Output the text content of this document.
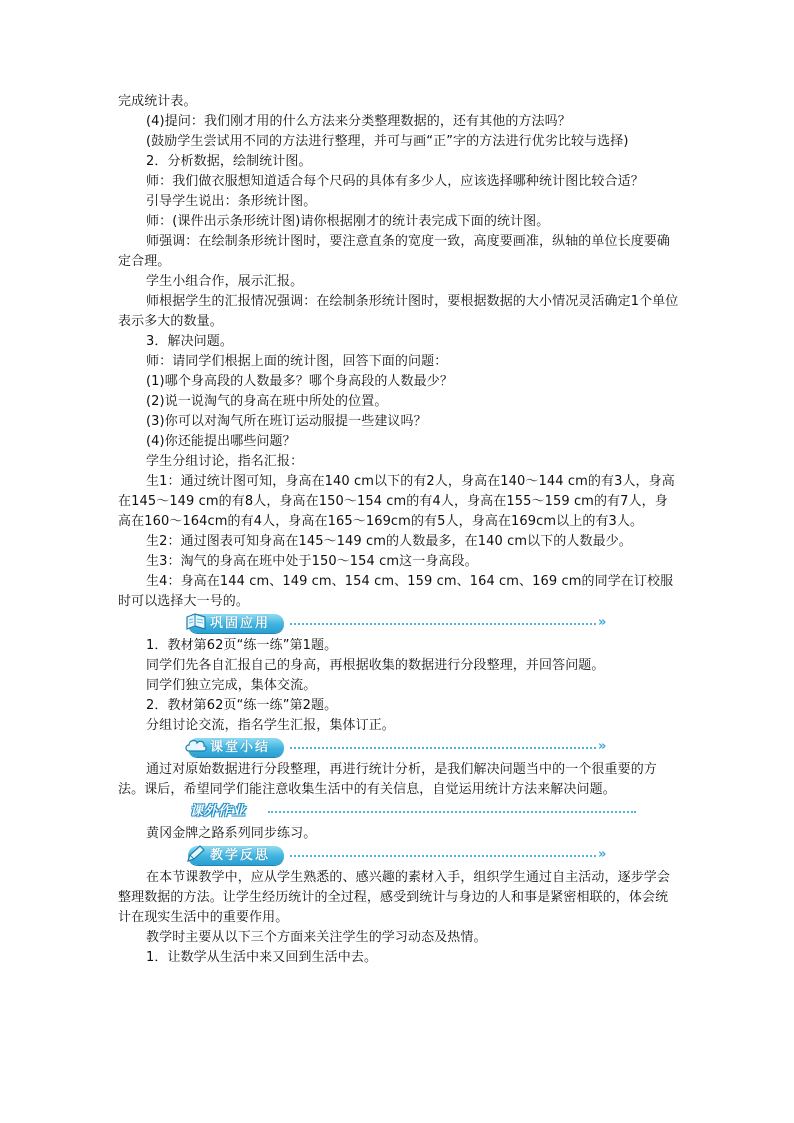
完成统计表。

(4)提问：我们刚才用的什么方法来分类整理数据的，还有其他的方法吗？

(鼓励学生尝试用不同的方法进行整理，并可与画“正”字的方法进行优劣比较与选择)

2．分析数据，绘制统计图。

师：我们做衣服想知道适合每个尺码的具体有多少人，应该选择哪种统计图比较合适？

引导学生说出：条形统计图。

师：(课件出示条形统计图)请你根据刚才的统计表完成下面的统计图。

师强调：在绘制条形统计图时，要注意直条的宽度一致，高度要画准，纵轴的单位长度要确定合理。

学生小组合作，展示汇报。

师根据学生的汇报情况强调：在绘制条形统计图时，要根据数据的大小情况灵活确定1个单位表示多大的数量。

3．解决问题。

师：请同学们根据上面的统计图，回答下面的问题：

(1)哪个身高段的人数最多？哪个身高段的人数最少？

(2)说一说淘气的身高在班中所处的位置。

(3)你可以对淘气所在班订运动服提一些建议吗？

(4)你还能提出哪些问题？

学生分组讨论，指名汇报：

生1：通过统计图可知，身高在140 cm以下的有2人，身高在140～144 cm的有3人，身高在145～149 cm的有8人，身高在150～154 cm的有4人，身高在155～159 cm的有7人，身高在160～164cm的有4人，身高在165～169cm的有5人，身高在169cm以上的有3人。

生2：通过图表可知身高在145～149 cm的人数最多，在140 cm以下的人数最少。

生3：淘气的身高在班中处于150～154 cm这一身高段。

生4：身高在144 cm、149 cm、154 cm、159 cm、164 cm、169 cm的同学在订校服时可以选择大一号的。

巩固应用	»

1．教材第62页“练一练”第1题。

同学们先各自汇报自己的身高，再根据收集的数据进行分段整理，并回答问题。

同学们独立完成，集体交流。

2．教材第62页“练一练”第2题。

分组讨论交流，指名学生汇报，集体订正。

课堂小结	»

通过对原始数据进行分段整理，再进行统计分析，是我们解决问题当中的一个很重要的方法。课后，希望同学们能注意收集生活中的有关信息，自觉运用统计方法来解决问题。

课外作业

黄冈金牌之路系列同步练习。

教学反思	»

在本节课教学中，应从学生熟悉的、感兴趣的素材入手，组织学生通过自主活动，逐步学会整理数据的方法。让学生经历统计的全过程，感受到统计与身边的人和事是紧密相联的，体会统计在现实生活中的重要作用。

教学时主要从以下三个方面来关注学生的学习动态及热情。

1．让数学从生活中来又回到生活中去。
